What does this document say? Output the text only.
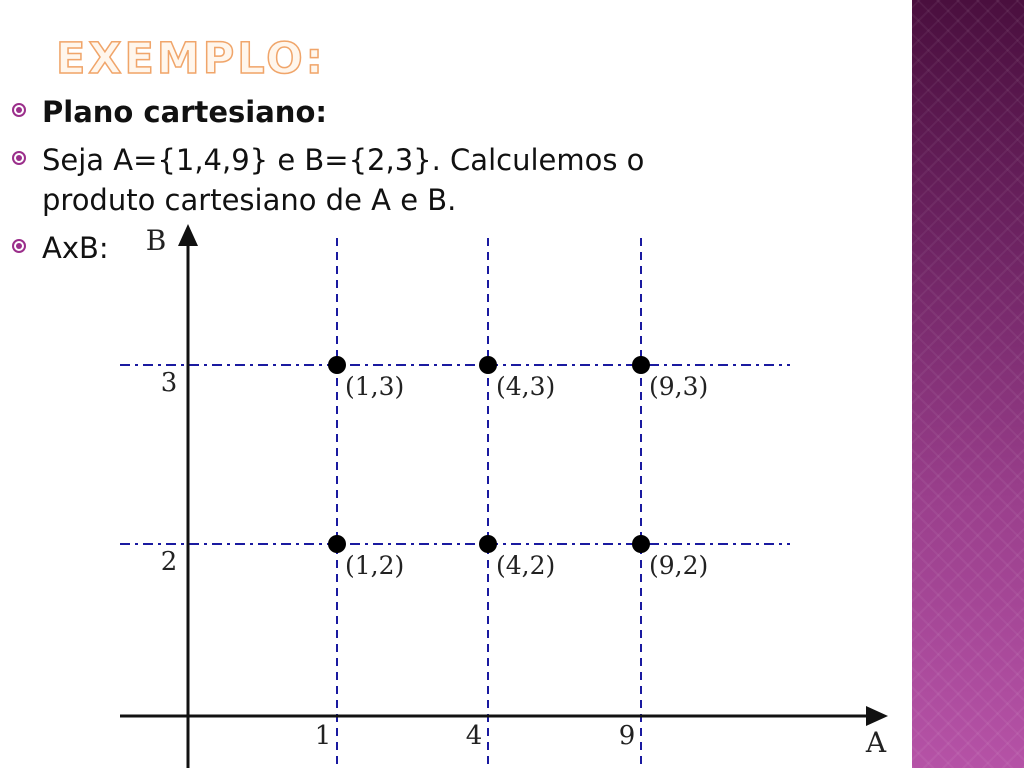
EXEMPLO:
Plano cartesiano:
Seja A={1,4,9} e B={2,3}. Calculemos o produto cartesiano de A e B.
AxB:
A
B
1	4	9
2
3	(1,3)	(4,3)	(9,3)
(1,2)	(4,2)	(9,2)
